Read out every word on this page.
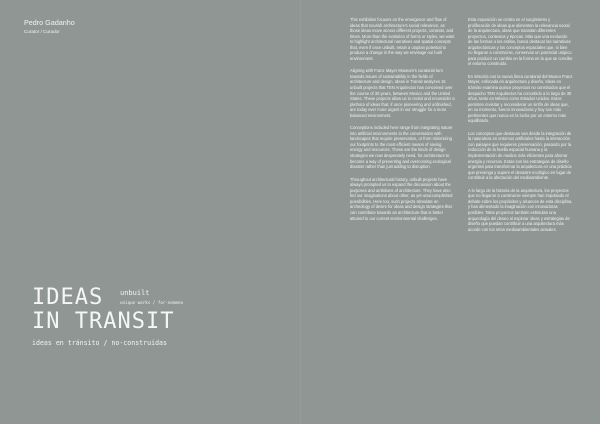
Pedro Gadanho
Curator / Curador
IDEAS
IN TRANSIT
unbuilt
unique works / for-nomeno
ideas en tránsito / no-construidas

This exhibition focuses on the emergence and flow of ideas that nourish architecture's social relevance, as those ideas move across different projects, contexts, and times. More than the evolution of forms or styles, we want to highlight architectural narratives and spatial concepts that, even if once unbuilt, retain a utopian potential to produce a change in the way we envisage our built environment.

Aligning with Franz Mayer Museum's curatorial turn towards issues of sustainability in the fields of architecture and design, Ideas in Transit analyzes 15 unbuilt projects that TEN Arquitectos has conceived over the course of 30 years, between Mexico and the United States. These projects allow us to revisit and reconsider a plethora of ideas that, if once pioneering and unfinished, are today ever more urgent in our struggle for a more balanced environment.

Conceptions included here range from integrating nature into artificial environments to the conversation with landscapes that require preservation, or from minimizing our footprints to the most efficient means of saving energy and resources. These are the kinds of design strategies we now desperately need, for architecture to become a way of preventing and overcoming ecological disaster rather than just adding to disruption.

Throughout architectural history, unbuilt projects have always prompted us to expand the discussion about the purposes and ambitions of architecture. They have also fed our imaginations about other, as yet unaccomplished possibilities. Here too, such projects stimulate an archeology of desire for ideas and design strategies that can contribute towards an architecture that is better attuned to our current environmental challenges.

Esta exposición se centra en el surgimiento y proliferación de ideas que alimentan la relevancia social de la arquitectura, ideas que transitan diferentes proyectos, contextos y épocas. Más que una evolución de las formas o los estilos, busca destacar las narrativas arquitectónicas y los conceptos espaciales que, si bien no llegaron a construirse, conservan un potencial utópico para producir un cambio en la forma en la que se concibe el entorno construido.

En sintonía con la nueva línea curatorial del Museo Franz Mayer, enfocada en arquitectura y diseño, Ideas en tránsito examina quince proyectos no construidos que el despacho TEN Arquitectos ha concebido a lo largo de 30 años, tanto en México como Estados Unidos. Estos permiten revisitar y reconsiderar un sinfín de ideas que, en su momento, fueron innovadoras y hoy son más pertinentes que nunca en la lucha por un entorno más equilibrado.

Los conceptos que destacan van desde la integración de la naturaleza en entornos artificiales hasta la interacción con paisajes que requieren preservación, pasando por la reducción de la huella espacial humana y la implementación de medios más eficientes para ahorrar energía y recursos. Estas son las estrategias de diseño urgentes para transformar la arquitectura en una práctica que prevenga y supere el desastre ecológico en lugar de contribuir a la afectación del medioambiente.

A lo largo de la historia de la arquitectura, los proyectos que no llegaron a construirse siempre han impulsado el debate sobre los propósitos y alcances de esta disciplina, y han alimentado la imaginación con innovadoras posibles. Tales proyectos también estimulan una arqueología del deseo al explorar ideas y estrategias de diseño que puedan contribuir a una arquitectura más acorde con los retos medioambientales actuales.
